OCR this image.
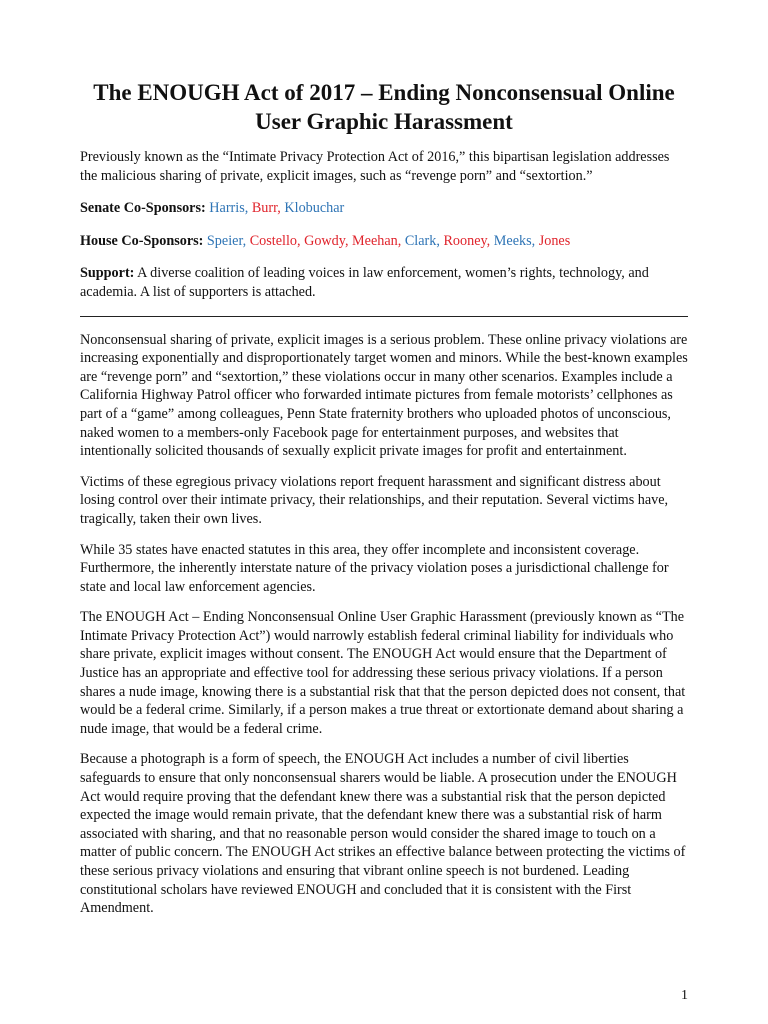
The ENOUGH Act of 2017 – Ending Nonconsensual Online User Graphic Harassment

Previously known as the “Intimate Privacy Protection Act of 2016,” this bipartisan legislation addresses the malicious sharing of private, explicit images, such as “revenge porn” and “sextortion.”

Senate Co-Sponsors: Harris, Burr, Klobuchar

House Co-Sponsors: Speier, Costello, Gowdy, Meehan, Clark, Rooney, Meeks, Jones

Support: A diverse coalition of leading voices in law enforcement, women’s rights, technology, and academia. A list of supporters is attached.

Nonconsensual sharing of private, explicit images is a serious problem. These online privacy violations are increasing exponentially and disproportionately target women and minors. While the best-known examples are “revenge porn” and “sextortion,” these violations occur in many other scenarios. Examples include a California Highway Patrol officer who forwarded intimate pictures from female motorists’ cellphones as part of a “game” among colleagues, Penn State fraternity brothers who uploaded photos of unconscious, naked women to a members-only Facebook page for entertainment purposes, and websites that intentionally solicited thousands of sexually explicit private images for profit and entertainment.

Victims of these egregious privacy violations report frequent harassment and significant distress about losing control over their intimate privacy, their relationships, and their reputation. Several victims have, tragically, taken their own lives.

While 35 states have enacted statutes in this area, they offer incomplete and inconsistent coverage. Furthermore, the inherently interstate nature of the privacy violation poses a jurisdictional challenge for state and local law enforcement agencies.

The ENOUGH Act – Ending Nonconsensual Online User Graphic Harassment (previously known as “The Intimate Privacy Protection Act”) would narrowly establish federal criminal liability for individuals who share private, explicit images without consent. The ENOUGH Act would ensure that the Department of Justice has an appropriate and effective tool for addressing these serious privacy violations. If a person shares a nude image, knowing there is a substantial risk that that the person depicted does not consent, that would be a federal crime. Similarly, if a person makes a true threat or extortionate demand about sharing a nude image, that would be a federal crime.

Because a photograph is a form of speech, the ENOUGH Act includes a number of civil liberties safeguards to ensure that only nonconsensual sharers would be liable. A prosecution under the ENOUGH Act would require proving that the defendant knew there was a substantial risk that the person depicted expected the image would remain private, that the defendant knew there was a substantial risk of harm associated with sharing, and that no reasonable person would consider the shared image to touch on a matter of public concern. The ENOUGH Act strikes an effective balance between protecting the victims of these serious privacy violations and ensuring that vibrant online speech is not burdened. Leading constitutional scholars have reviewed ENOUGH and concluded that it is consistent with the First Amendment.

1
